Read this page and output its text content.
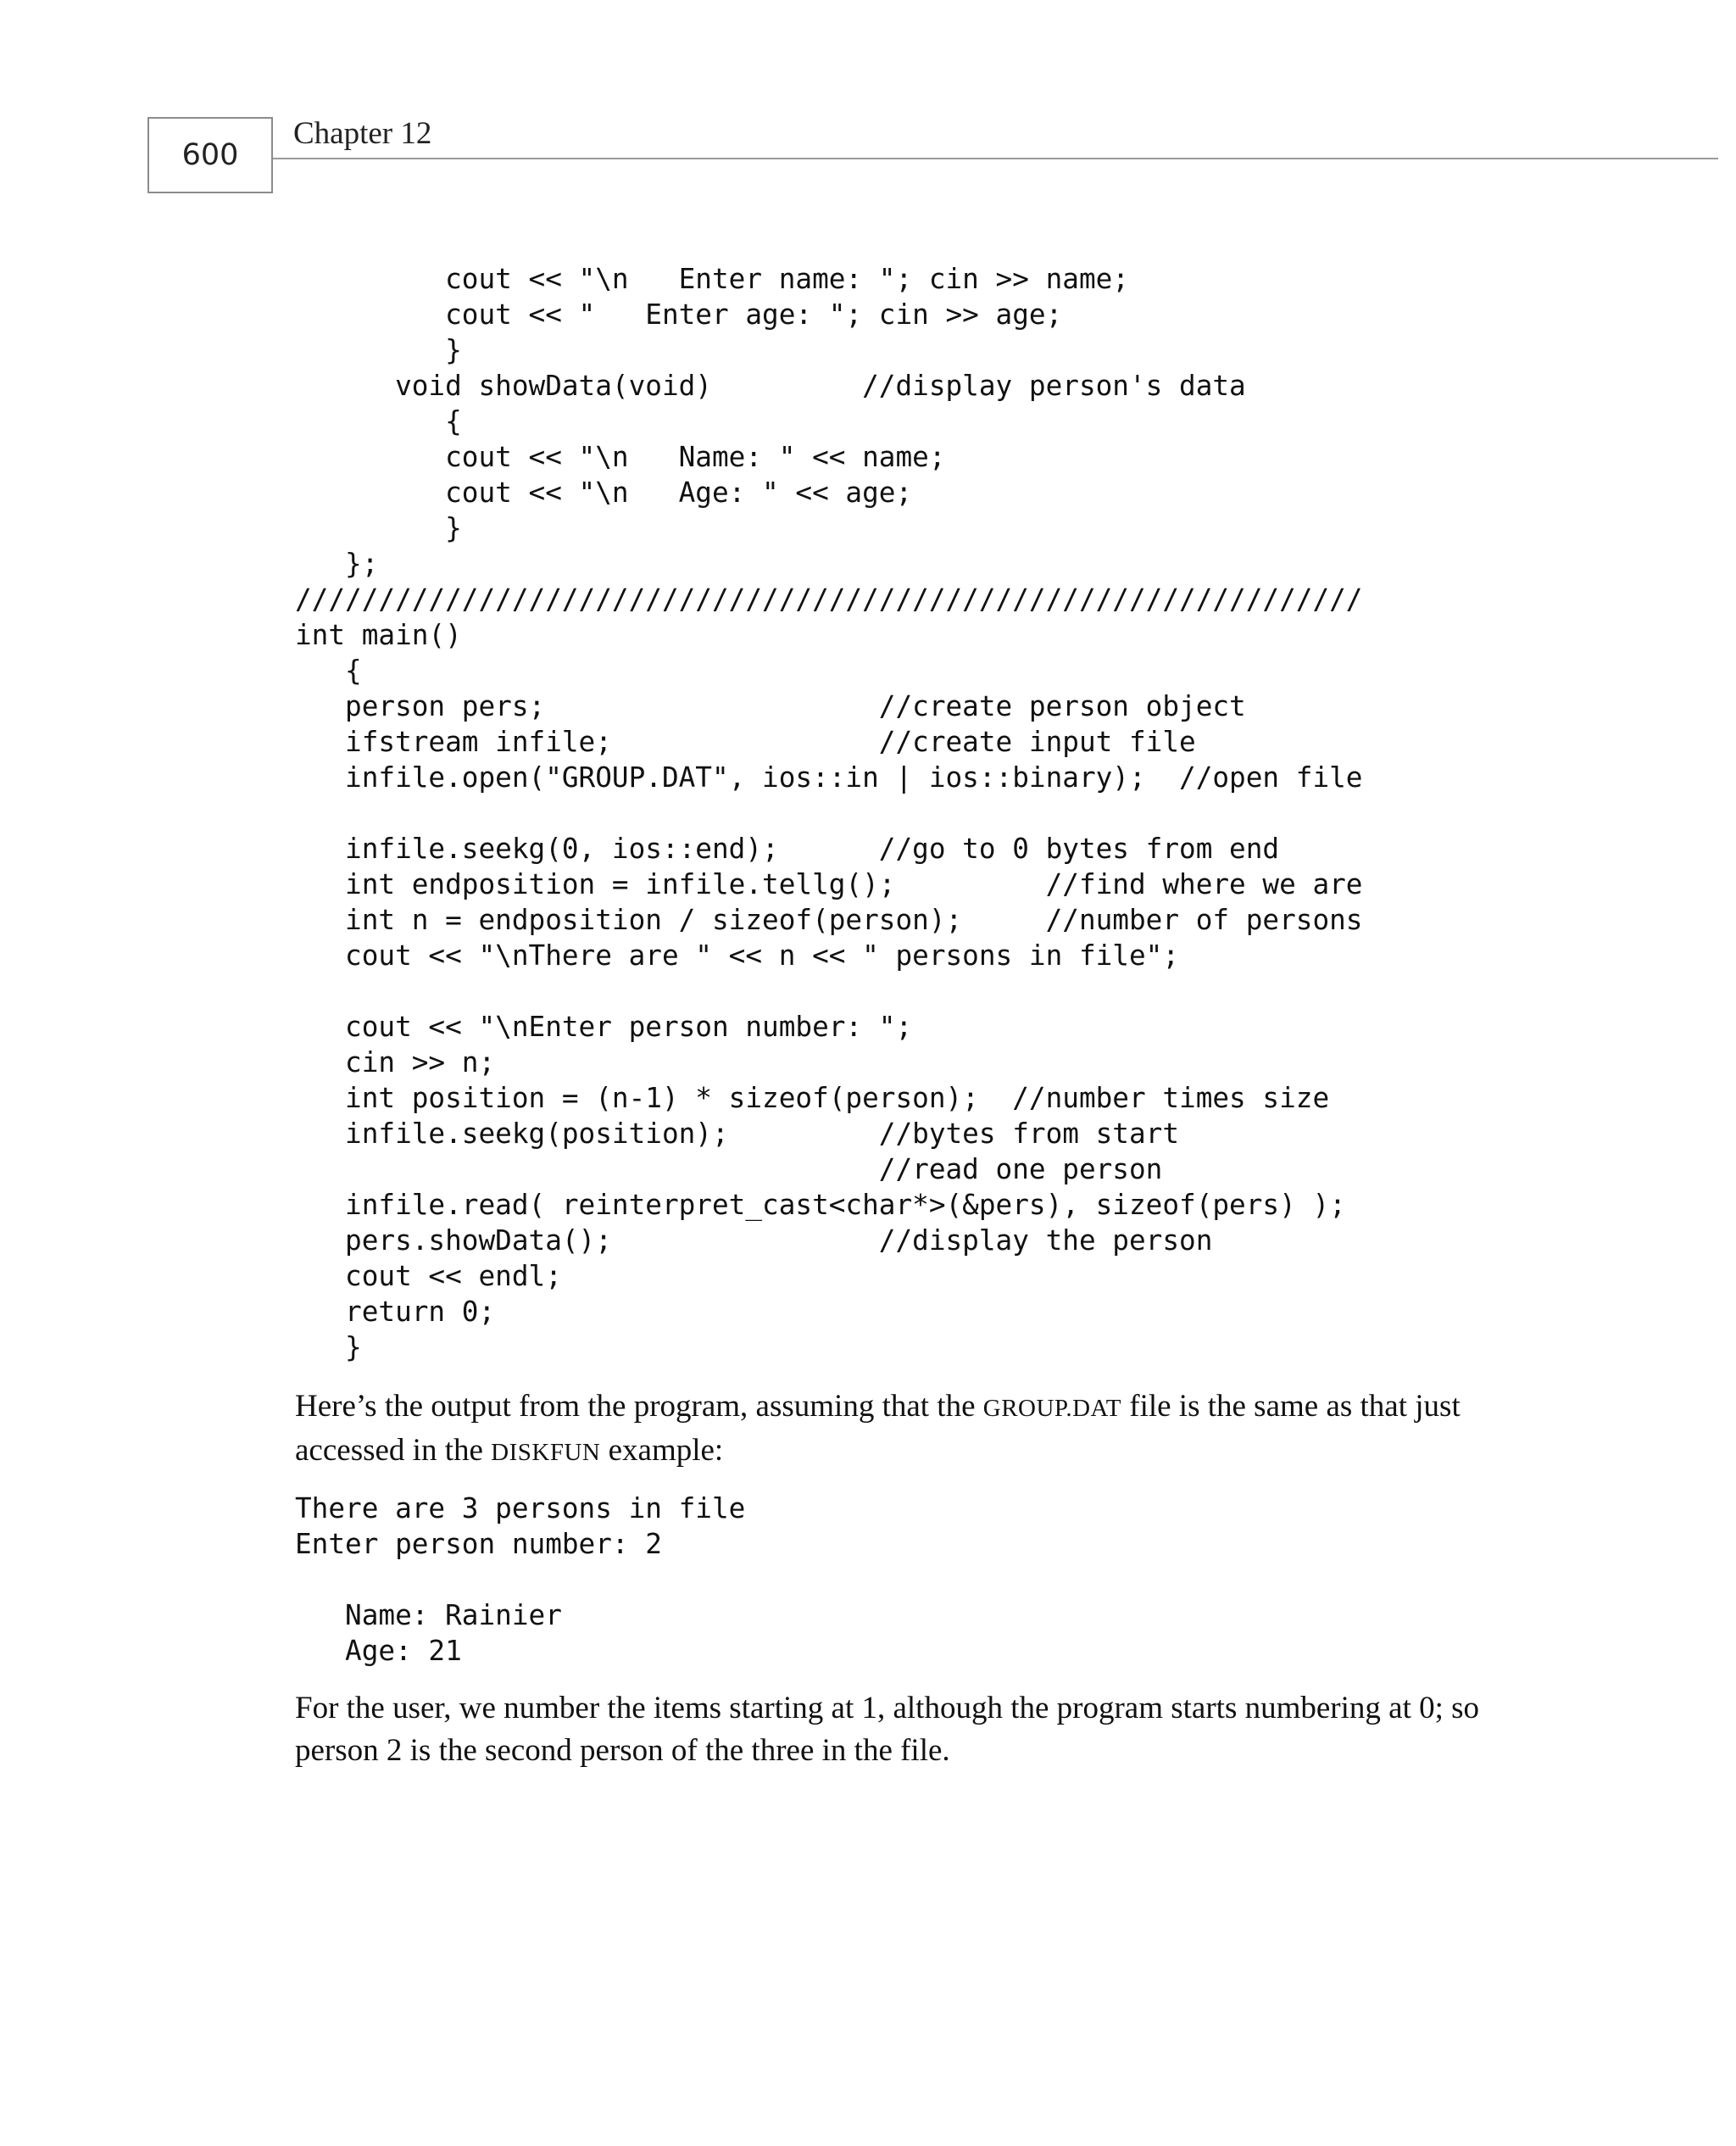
600
Chapter 12
cout << "\n   Enter name: "; cin >> name;
cout << "   Enter age: "; cin >> age;
}
void showData(void)         //display person's data
{
cout << "\n   Name: " << name;
cout << "\n   Age: " << age;
}
};
////////////////////////////////////////////////////////////////
int main()
{
person pers;                    //create person object
ifstream infile;                //create input file
infile.open("GROUP.DAT", ios::in | ios::binary);  //open file

infile.seekg(0, ios::end);      //go to 0 bytes from end
int endposition = infile.tellg();         //find where we are
int n = endposition / sizeof(person);     //number of persons
cout << "\nThere are " << n << " persons in file";

cout << "\nEnter person number: ";
cin >> n;
int position = (n-1) * sizeof(person);  //number times size
infile.seekg(position);         //bytes from start
//read one person
infile.read( reinterpret_cast<char*>(&pers), sizeof(pers) );
pers.showData();                //display the person
cout << endl;
return 0;
}

Here’s the output from the program, assuming that the GROUP.DAT file is the same as that just accessed in the DISKFUN example:

There are 3 persons in file
Enter person number: 2

Name: Rainier
Age: 21

For the user, we number the items starting at 1, although the program starts numbering at 0; so person 2 is the second person of the three in the file.
